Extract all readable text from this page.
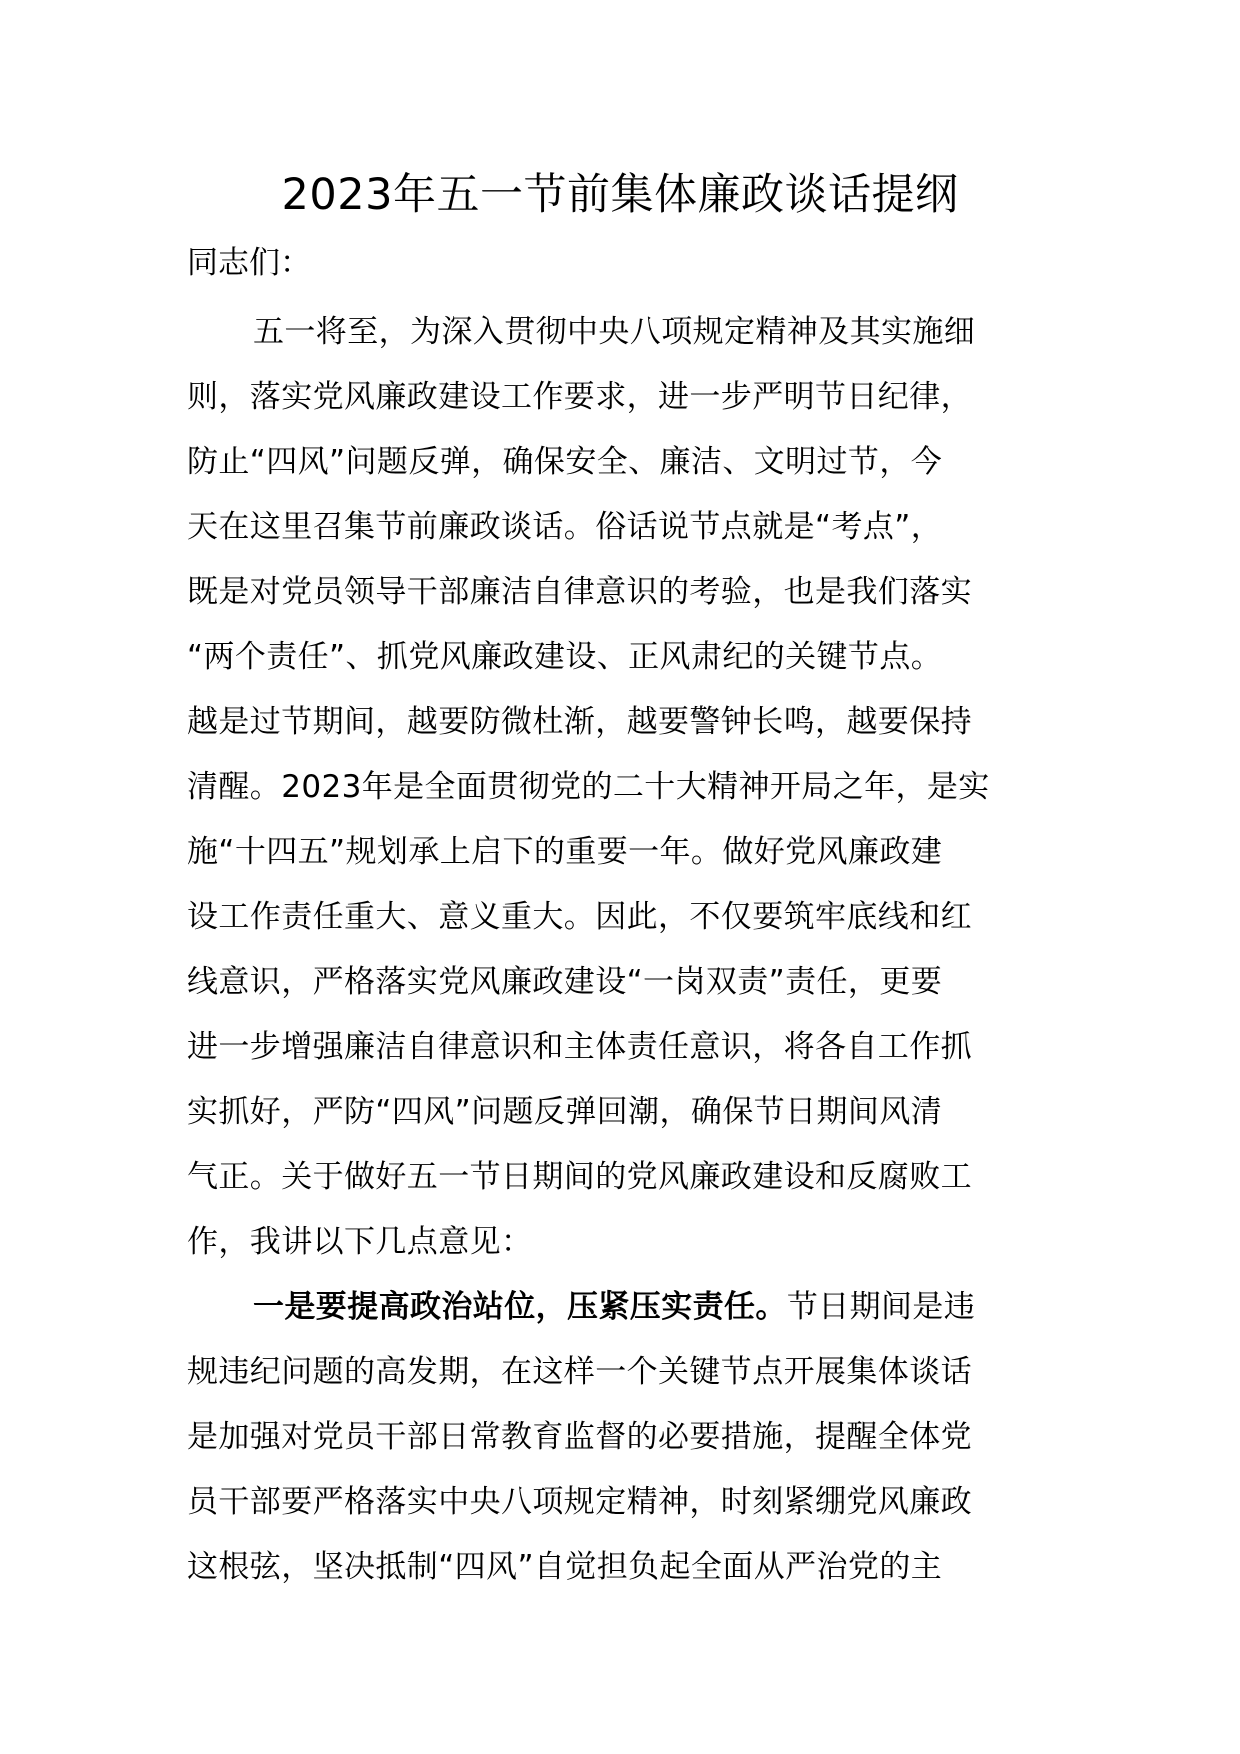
2023年五一节前集体廉政谈话提纲
同志们：
五一将至，为深入贯彻中央八项规定精神及其实施细
则，落实党风廉政建设工作要求，进一步严明节日纪律，
防止“四风”问题反弹，确保安全、廉洁、文明过节，今
天在这里召集节前廉政谈话。俗话说节点就是“考点”，
既是对党员领导干部廉洁自律意识的考验，也是我们落实
“两个责任”、抓党风廉政建设、正风肃纪的关键节点。
越是过节期间，越要防微杜渐，越要警钟长鸣，越要保持
清醒。2023年是全面贯彻党的二十大精神开局之年，是实
施“十四五”规划承上启下的重要一年。做好党风廉政建
设工作责任重大、意义重大。因此，不仅要筑牢底线和红
线意识，严格落实党风廉政建设“一岗双责”责任，更要
进一步增强廉洁自律意识和主体责任意识，将各自工作抓
实抓好，严防“四风”问题反弹回潮，确保节日期间风清
气正。关于做好五一节日期间的党风廉政建设和反腐败工
作，我讲以下几点意见：
一是要提高政治站位，压紧压实责任。节日期间是违
规违纪问题的高发期，在这样一个关键节点开展集体谈话
是加强对党员干部日常教育监督的必要措施，提醒全体党
员干部要严格落实中央八项规定精神，时刻紧绷党风廉政
这根弦，坚决抵制“四风”自觉担负起全面从严治党的主
